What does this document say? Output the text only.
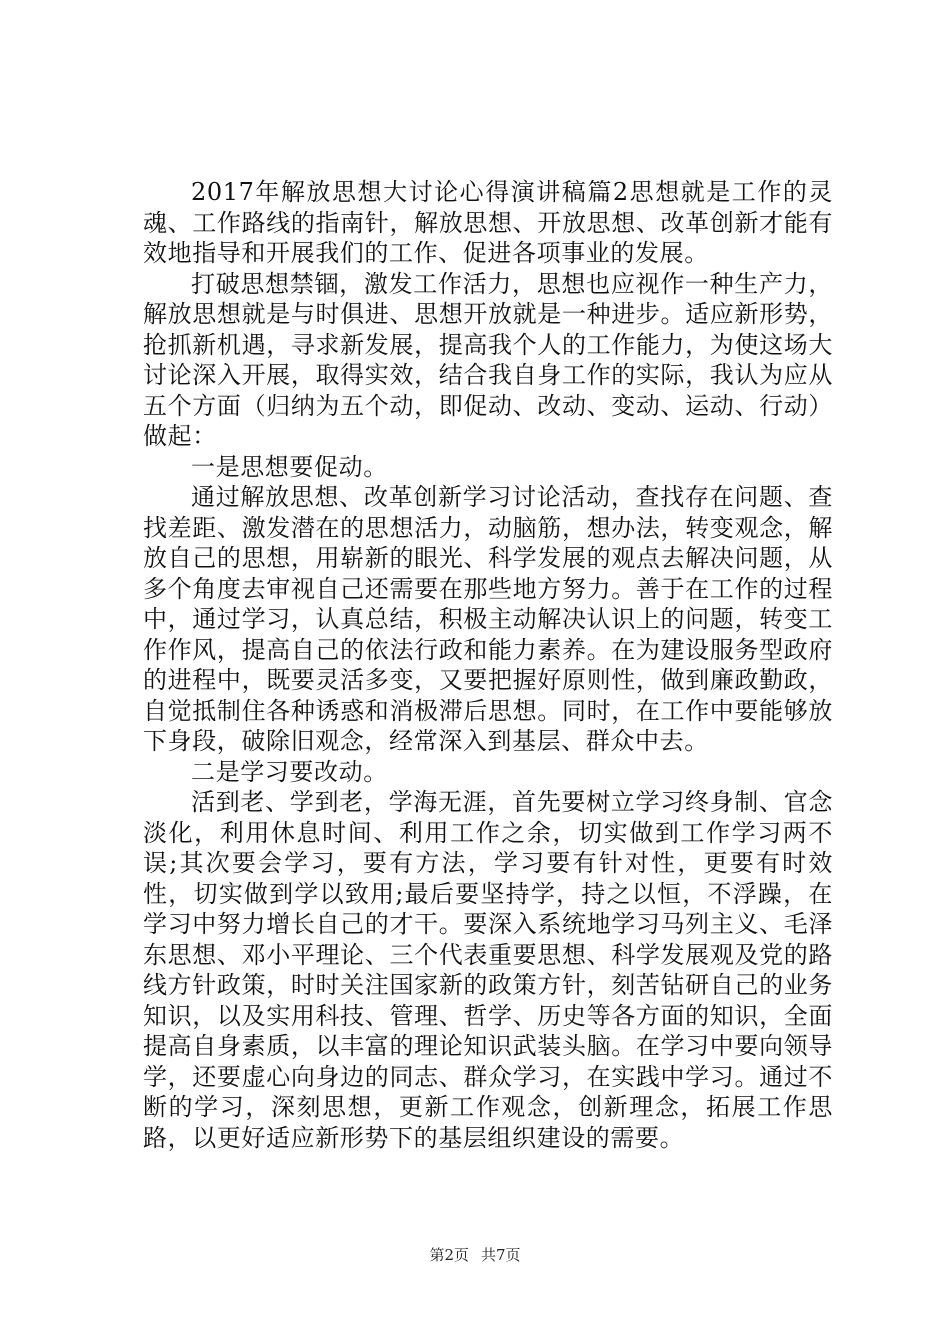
2017年解放思想大讨论心得演讲稿篇2思想就是工作的灵魂、工作路线的指南针，解放思想、开放思想、改革创新才能有效地指导和开展我们的工作、促进各项事业的发展。

打破思想禁锢，激发工作活力，思想也应视作一种生产力，解放思想就是与时俱进、思想开放就是一种进步。适应新形势，抢抓新机遇，寻求新发展，提高我个人的工作能力，为使这场大讨论深入开展，取得实效，结合我自身工作的实际，我认为应从五个方面（归纳为五个动，即促动、改动、变动、运动、行动）做起：

一是思想要促动。

通过解放思想、改革创新学习讨论活动，查找存在问题、查找差距、激发潜在的思想活力，动脑筋，想办法，转变观念，解放自己的思想，用崭新的眼光、科学发展的观点去解决问题，从多个角度去审视自己还需要在那些地方努力。善于在工作的过程中，通过学习，认真总结，积极主动解决认识上的问题，转变工作作风，提高自己的依法行政和能力素养。在为建设服务型政府的进程中，既要灵活多变，又要把握好原则性，做到廉政勤政，自觉抵制住各种诱惑和消极滞后思想。同时，在工作中要能够放下身段，破除旧观念，经常深入到基层、群众中去。

二是学习要改动。

活到老、学到老，学海无涯，首先要树立学习终身制、官念淡化，利用休息时间、利用工作之余，切实做到工作学习两不误;其次要会学习，要有方法，学习要有针对性，更要有时效性，切实做到学以致用;最后要坚持学，持之以恒，不浮躁，在学习中努力增长自己的才干。要深入系统地学习马列主义、毛泽东思想、邓小平理论、三个代表重要思想、科学发展观及党的路线方针政策，时时关注国家新的政策方针，刻苦钻研自己的业务知识，以及实用科技、管理、哲学、历史等各方面的知识，全面提高自身素质，以丰富的理论知识武装头脑。在学习中要向领导学，还要虚心向身边的同志、群众学习，在实践中学习。通过不断的学习，深刻思想，更新工作观念，创新理念，拓展工作思路，以更好适应新形势下的基层组织建设的需要。

第2页 共7页
